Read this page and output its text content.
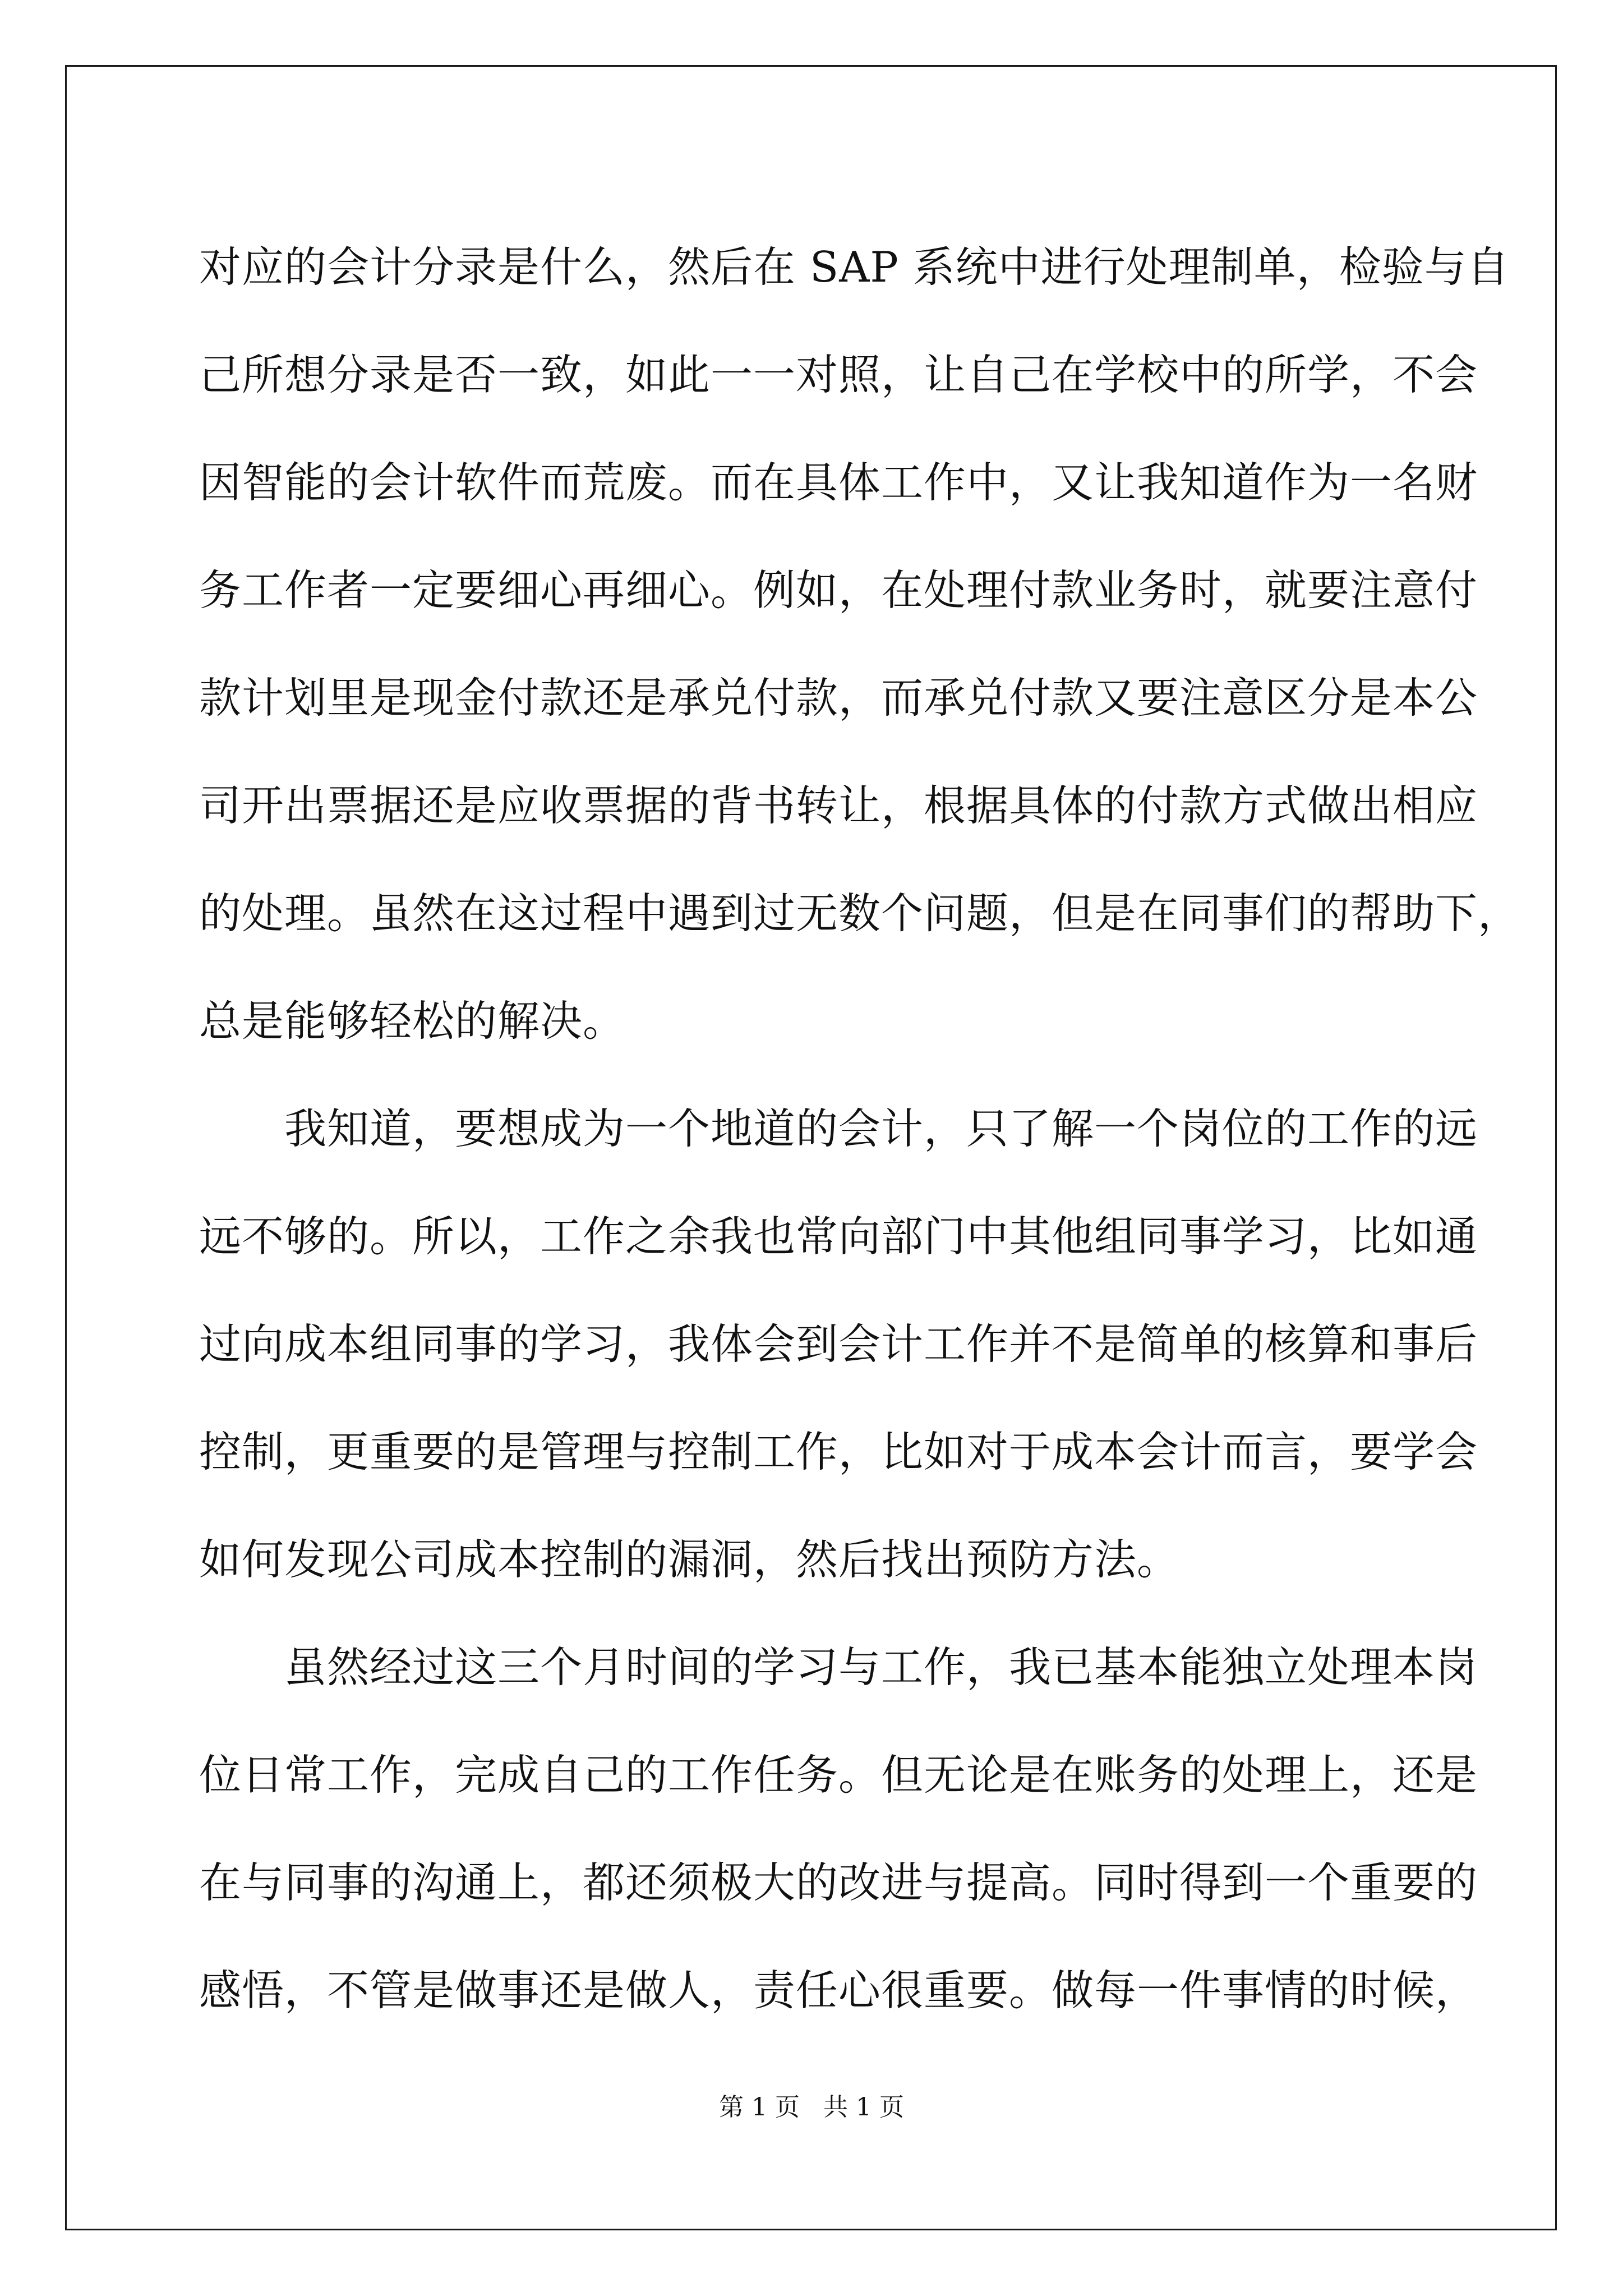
对应的会计分录是什么，然后在 SAP 系统中进行处理制单，检验与自
己所想分录是否一致，如此一一对照，让自己在学校中的所学，不会
因智能的会计软件而荒废。而在具体工作中，又让我知道作为一名财
务工作者一定要细心再细心。例如，在处理付款业务时，就要注意付
款计划里是现金付款还是承兑付款，而承兑付款又要注意区分是本公
司开出票据还是应收票据的背书转让，根据具体的付款方式做出相应
的处理。虽然在这过程中遇到过无数个问题，但是在同事们的帮助下，
总是能够轻松的解决。
　　我知道，要想成为一个地道的会计，只了解一个岗位的工作的远
远不够的。所以，工作之余我也常向部门中其他组同事学习，比如通
过向成本组同事的学习，我体会到会计工作并不是简单的核算和事后
控制，更重要的是管理与控制工作，比如对于成本会计而言，要学会
如何发现公司成本控制的漏洞，然后找出预防方法。
　　虽然经过这三个月时间的学习与工作，我已基本能独立处理本岗
位日常工作，完成自己的工作任务。但无论是在账务的处理上，还是
在与同事的沟通上，都还须极大的改进与提高。同时得到一个重要的
感悟，不管是做事还是做人，责任心很重要。做每一件事情的时候，
第 1 页   共 1 页
